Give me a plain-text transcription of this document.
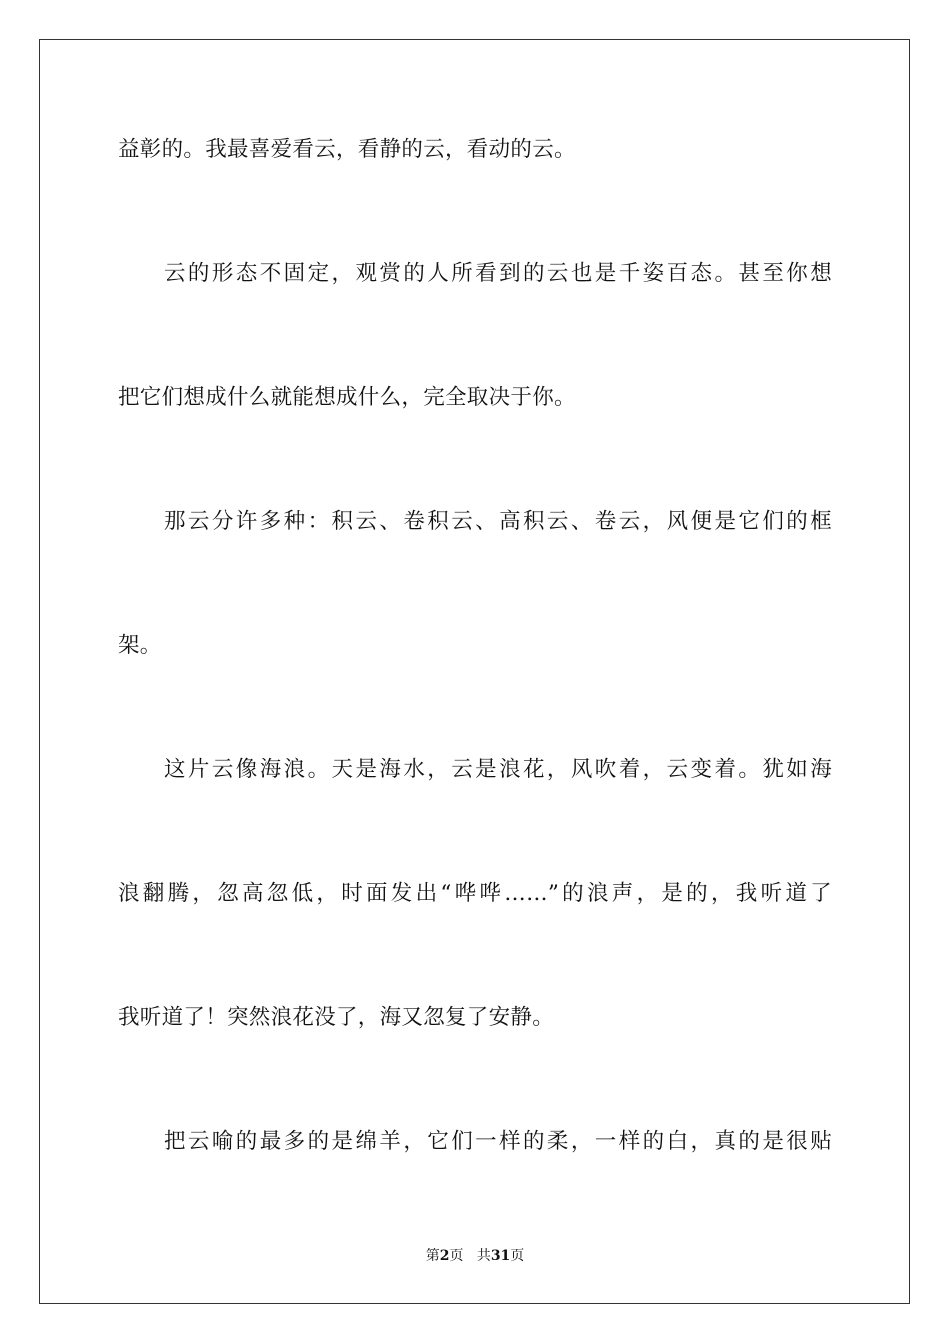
益彰的。我最喜爱看云，看静的云，看动的云。
云的形态不固定，观赏的人所看到的云也是千姿百态。甚至你想
把它们想成什么就能想成什么，完全取决于你。
那云分许多种：积云、卷积云、高积云、卷云，风便是它们的框
架。
这片云像海浪。天是海水，云是浪花，风吹着，云变着。犹如海
浪翻腾，忽高忽低，时面发出“哗哗……”的浪声，是的，我听道了
我听道了！突然浪花没了，海又忽复了安静。
把云喻的最多的是绵羊，它们一样的柔，一样的白，真的是很贴
第2页 共31页
